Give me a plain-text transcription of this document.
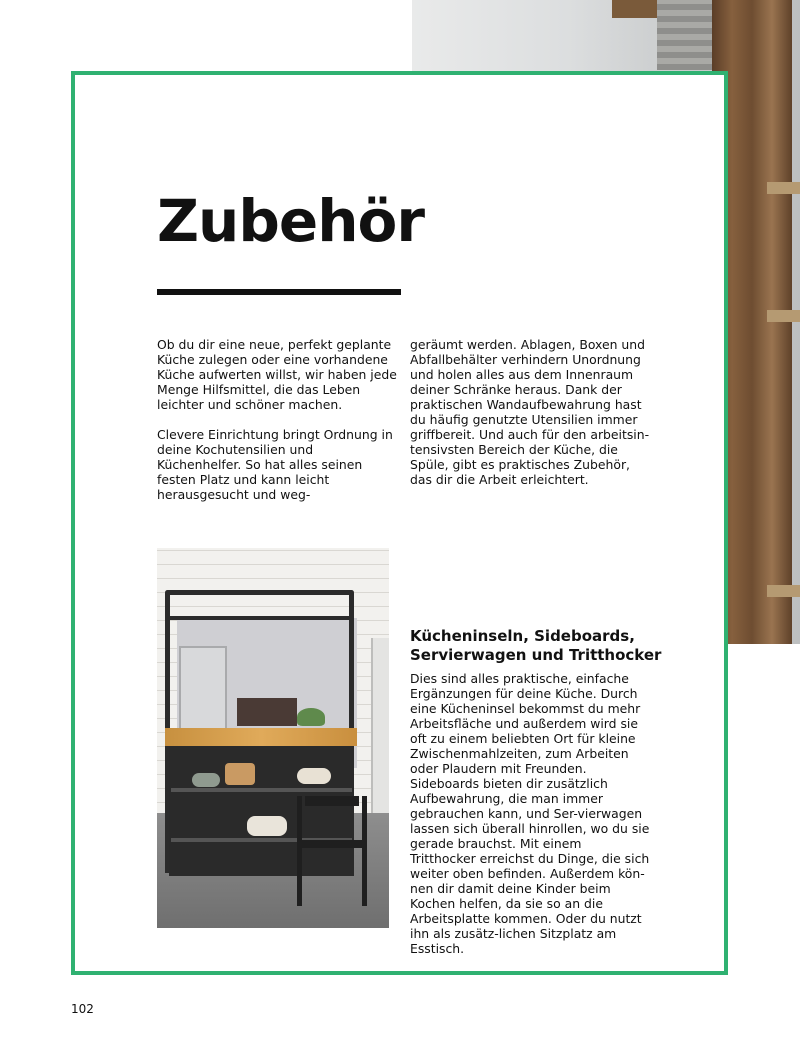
Zubehör

Ob du dir eine neue, perfekt geplante Küche zulegen oder eine vorhandene Küche aufwerten willst, wir haben jede Menge Hilfsmittel, die das Leben leichter und schöner machen.

Clevere Einrichtung bringt Ordnung in deine Kochutensilien und Küchenhelfer. So hat alles seinen festen Platz und kann leicht herausgesucht und weg-

geräumt werden. Ablagen, Boxen und Abfallbehälter verhindern Unordnung und holen alles aus dem Innenraum deiner Schränke heraus. Dank der praktischen Wandaufbewahrung hast du häufig genutzte Utensilien immer griffbereit. Und auch für den arbeitsin-tensivsten Bereich der Küche, die Spüle, gibt es praktisches Zubehör, das dir die Arbeit erleichtert.

Kücheninseln, Sideboards, Servierwagen und Tritthocker

Dies sind alles praktische, einfache Ergänzungen für deine Küche. Durch eine Kücheninsel bekommst du mehr Arbeitsfläche und außerdem wird sie oft zu einem beliebten Ort für kleine Zwischenmahlzeiten, zum Arbeiten oder Plaudern mit Freunden. Sideboards bieten dir zusätzlich Aufbewahrung, die man immer gebrauchen kann, und Ser-vierwagen lassen sich überall hinrollen, wo du sie gerade brauchst. Mit einem Tritthocker erreichst du Dinge, die sich weiter oben befinden. Außerdem kön-nen dir damit deine Kinder beim Kochen helfen, da sie so an die Arbeitsplatte kommen. Oder du nutzt ihn als zusätz-lichen Sitzplatz am Esstisch.

102
